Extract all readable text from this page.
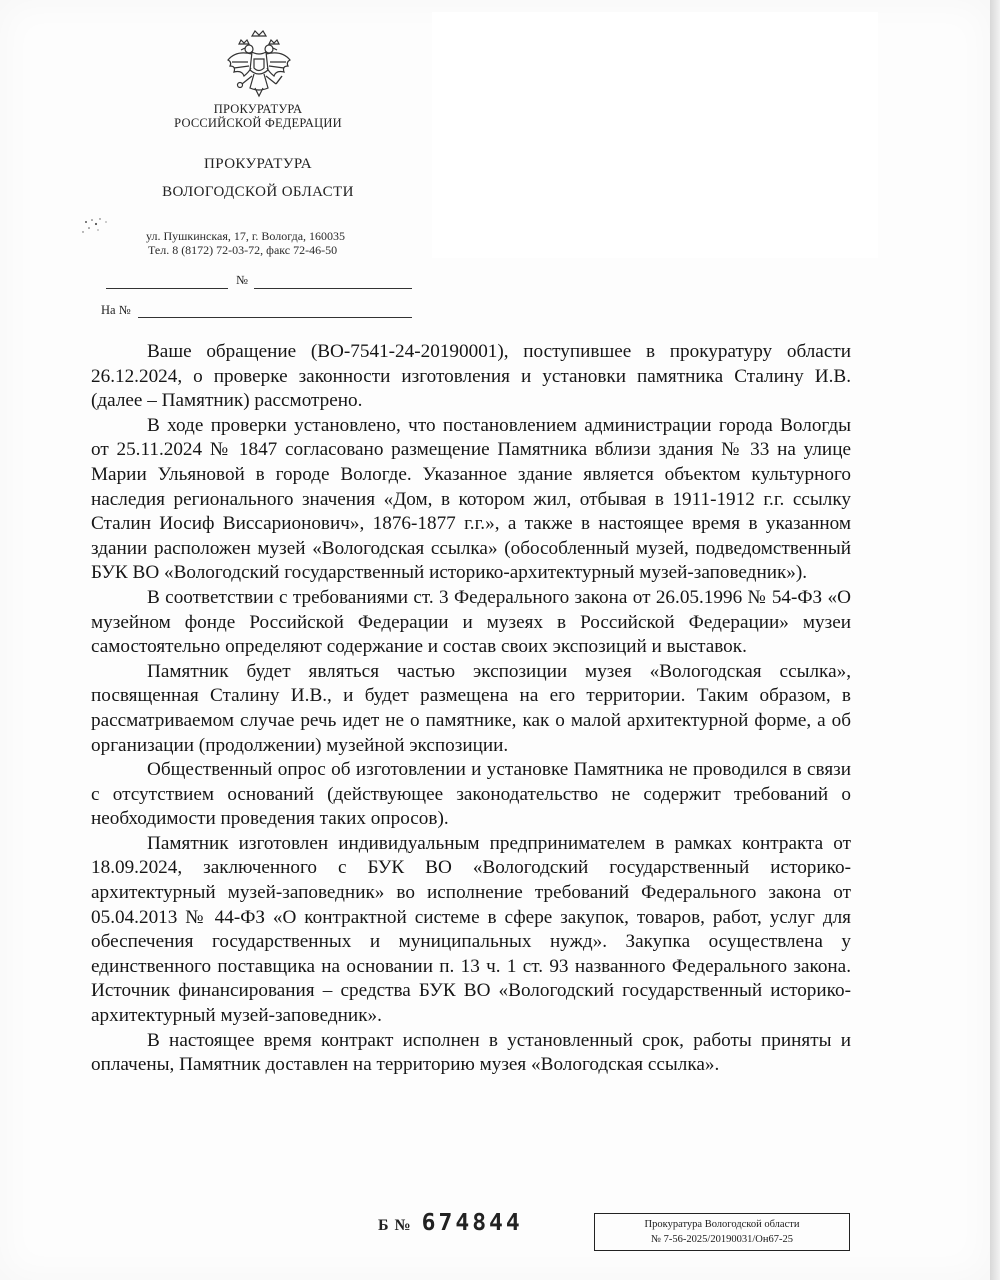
ПРОКУРАТУРА
РОССИЙСКОЙ ФЕДЕРАЦИИ
ПРОКУРАТУРА
ВОЛОГОДСКОЙ ОБЛАСТИ
ул. Пушкинская, 17, г. Вологда, 160035
Тел. 8 (8172) 72-03-72, факс 72-46-50
№
На №

Ваше обращение (ВО-7541-24-20190001), поступившее в прокуратуру области 26.12.2024, о проверке законности изготовления и установки памятника Сталину И.В. (далее – Памятник) рассмотрено.

В ходе проверки установлено, что постановлением администрации города Вологды от 25.11.2024 № 1847 согласовано размещение Памятника вблизи здания № 33 на улице Марии Ульяновой в городе Вологде. Указанное здание является объектом культурного наследия регионального значения «Дом, в котором жил, отбывая в 1911-1912 г.г. ссылку Сталин Иосиф Виссарионович», 1876-1877 г.г.», а также в настоящее время в указанном здании расположен музей «Вологодская ссылка» (обособленный музей, подведомственный БУК ВО «Вологодский государственный историко-архитектурный музей-заповедник»).

В соответствии с требованиями ст. 3 Федерального закона от 26.05.1996 № 54-ФЗ «О музейном фонде Российской Федерации и музеях в Российской Федерации» музеи самостоятельно определяют содержание и состав своих экспозиций и выставок.

Памятник будет являться частью экспозиции музея «Вологодская ссылка», посвященная Сталину И.В., и будет размещена на его территории. Таким образом, в рассматриваемом случае речь идет не о памятнике, как о малой архитектурной форме, а об организации (продолжении) музейной экспозиции.

Общественный опрос об изготовлении и установке Памятника не проводился в связи с отсутствием оснований (действующее законодательство не содержит требований о необходимости проведения таких опросов).

Памятник изготовлен индивидуальным предпринимателем в рамках контракта от 18.09.2024, заключенного с БУК ВО «Вологодский государственный историко-архитектурный музей-заповедник» во исполнение требований Федерального закона от 05.04.2013 № 44-ФЗ «О контрактной системе в сфере закупок, товаров, работ, услуг для обеспечения государственных и муниципальных нужд». Закупка осуществлена у единственного поставщика на основании п. 13 ч. 1 ст. 93 названного Федерального закона. Источник финансирования – средства БУК ВО «Вологодский государственный историко-архитектурный музей-заповедник».

В настоящее время контракт исполнен в установленный срок, работы приняты и оплачены, Памятник доставлен на территорию музея «Вологодская ссылка».

Б № 674844	Прокуратура Вологодской области
№ 7-56-2025/20190031/Он67-25
